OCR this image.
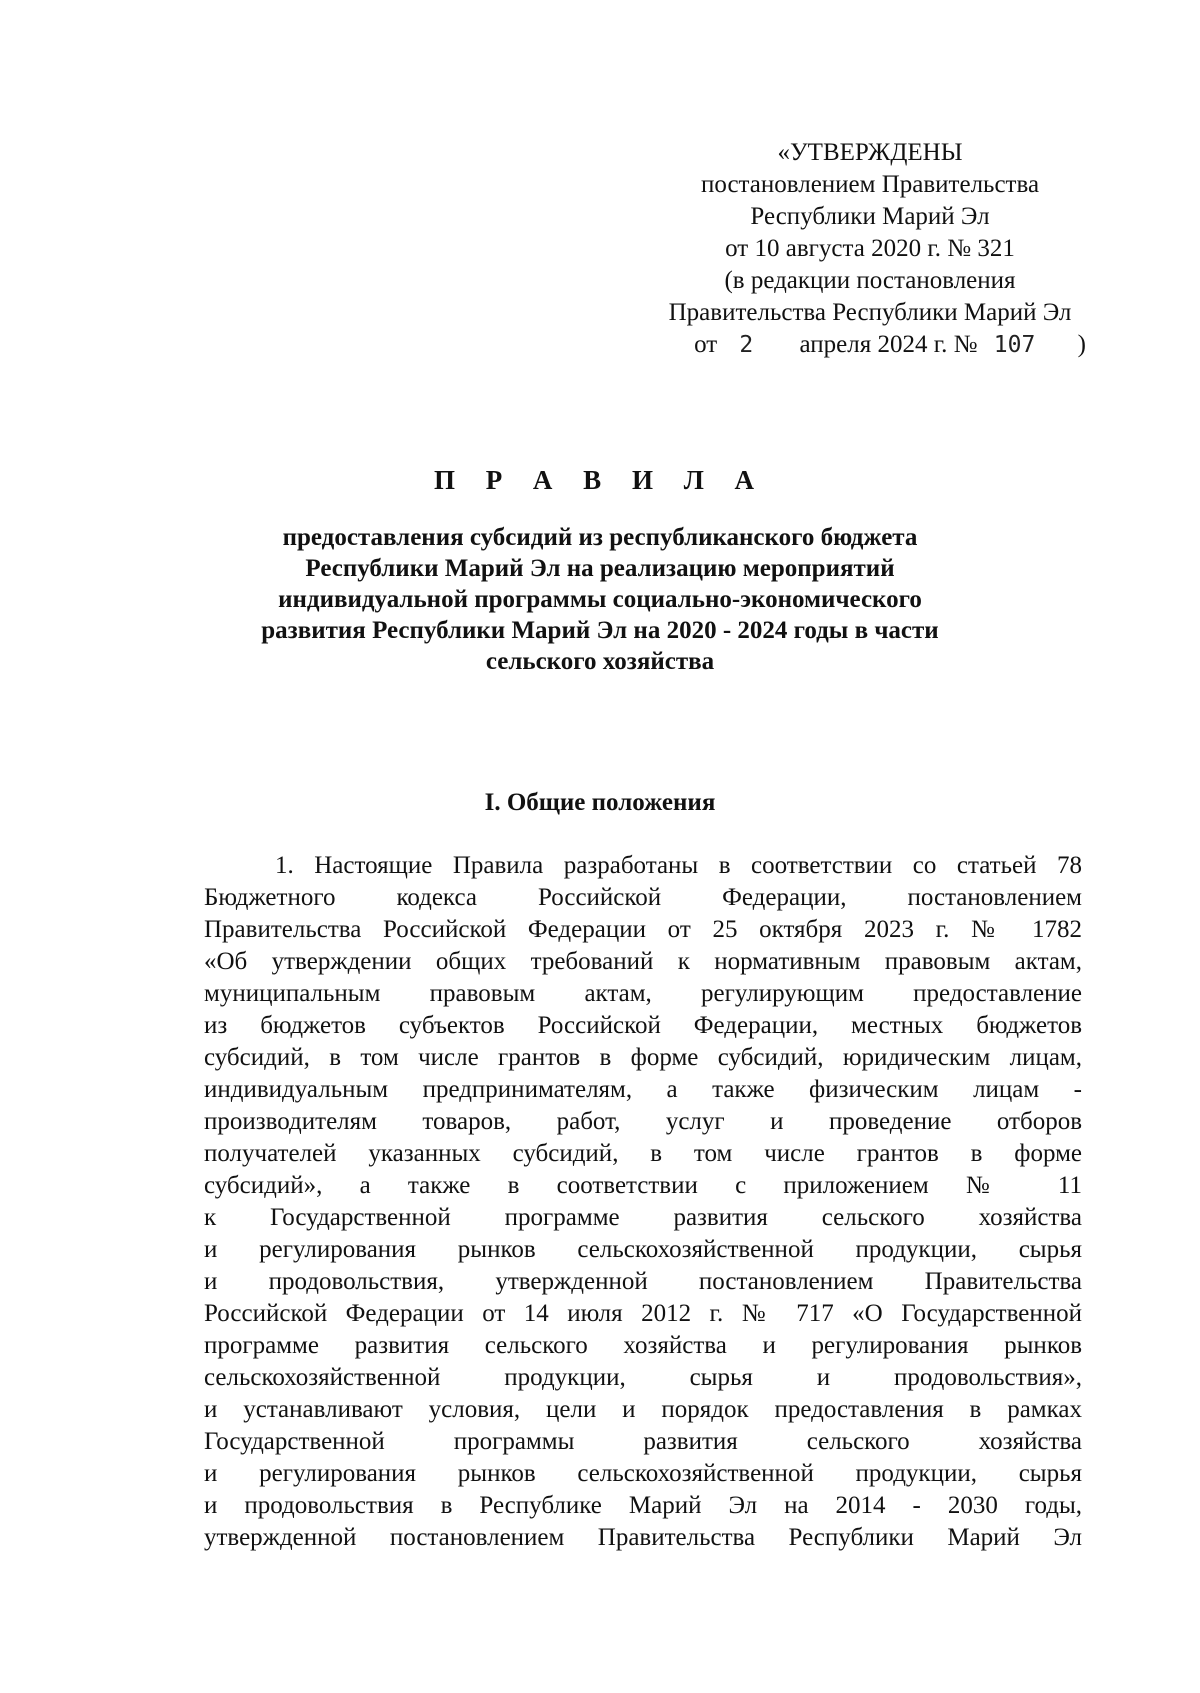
«УТВЕРЖДЕНЫ
постановлением Правительства
Республики Марий Эл
от 10 августа 2020 г. № 321
(в редакции постановления
Правительства Республики Марий Эл
от 2 апреля 2024 г. № 107 )
П Р А В И Л А
предоставления субсидий из республиканского бюджета
Республики Марий Эл на реализацию мероприятий
индивидуальной программы социально-экономического
развития Республики Марий Эл на 2020 - 2024 годы в части
сельского хозяйства
I. Общие положения
1. Настоящие Правила разработаны в соответствии со статьей 78
Бюджетного кодекса Российской Федерации, постановлением
Правительства Российской Федерации от 25 октября 2023 г. № 1782
«Об утверждении общих требований к нормативным правовым актам,
муниципальным правовым актам, регулирующим предоставление
из бюджетов субъектов Российской Федерации, местных бюджетов
субсидий, в том числе грантов в форме субсидий, юридическим лицам,
индивидуальным предпринимателям, а также физическим лицам -
производителям товаров, работ, услуг и проведение отборов
получателей указанных субсидий, в том числе грантов в форме
субсидий», а также в соответствии с приложением № 11
к Государственной программе развития сельского хозяйства
и регулирования рынков сельскохозяйственной продукции, сырья
и продовольствия, утвержденной постановлением Правительства
Российской Федерации от 14 июля 2012 г. № 717 «О Государственной
программе развития сельского хозяйства и регулирования рынков
сельскохозяйственной продукции, сырья и продовольствия»,
и устанавливают условия, цели и порядок предоставления в рамках
Государственной программы развития сельского хозяйства
и регулирования рынков сельскохозяйственной продукции, сырья
и продовольствия в Республике Марий Эл на 2014 - 2030 годы,
утвержденной постановлением Правительства Республики Марий Эл
